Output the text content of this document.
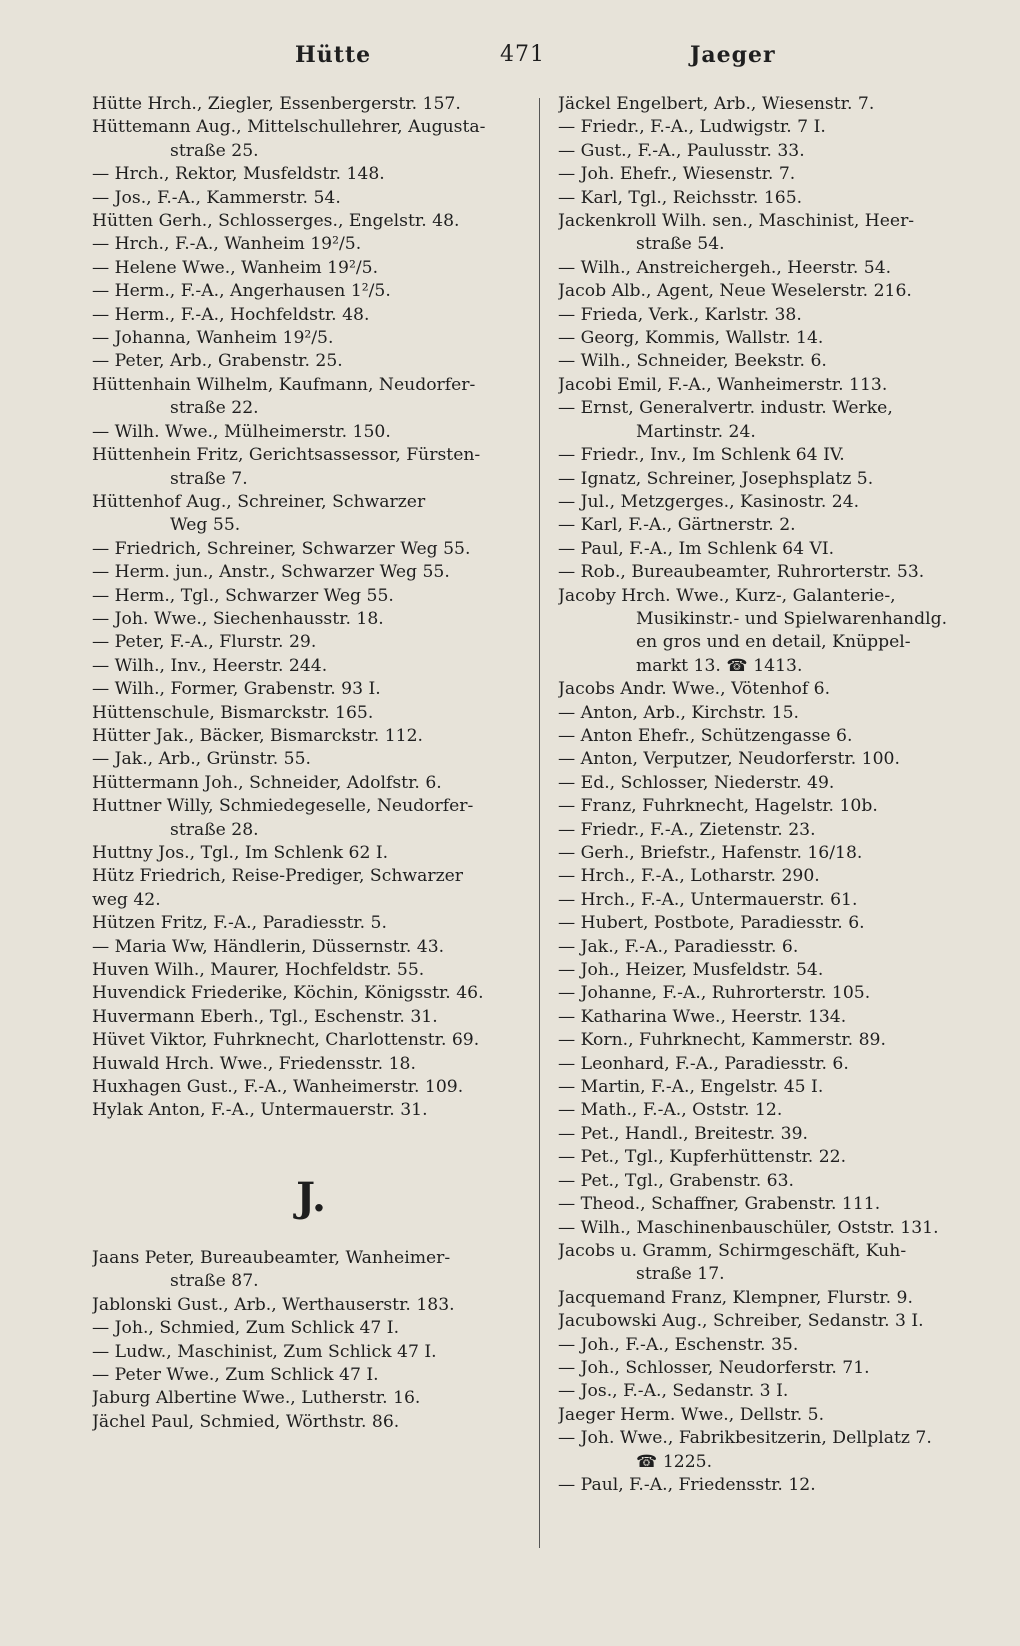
Hütte	471	Jaeger
Hütte Hrch., Ziegler, Essenbergerstr. 157.
Hüttemann Aug., Mittelschullehrer, Augusta-
straße 25.
— Hrch., Rektor, Musfeldstr. 148.
— Jos., F.-A., Kammerstr. 54.
Hütten Gerh., Schlosserges., Engelstr. 48.
— Hrch., F.-A., Wanheim 19²/5.
— Helene Wwe., Wanheim 19²/5.
— Herm., F.-A., Angerhausen 1²/5.
— Herm., F.-A., Hochfeldstr. 48.
— Johanna, Wanheim 19²/5.
— Peter, Arb., Grabenstr. 25.
Hüttenhain Wilhelm, Kaufmann, Neudorfer-
straße 22.
— Wilh. Wwe., Mülheimerstr. 150.
Hüttenhein Fritz, Gerichtsassessor, Fürsten-
straße 7.
Hüttenhof Aug., Schreiner, Schwarzer
Weg 55.
— Friedrich, Schreiner, Schwarzer Weg 55.
— Herm. jun., Anstr., Schwarzer Weg 55.
— Herm., Tgl., Schwarzer Weg 55.
— Joh. Wwe., Siechenhausstr. 18.
— Peter, F.-A., Flurstr. 29.
— Wilh., Inv., Heerstr. 244.
— Wilh., Former, Grabenstr. 93 I.
Hüttenschule, Bismarckstr. 165.
Hütter Jak., Bäcker, Bismarckstr. 112.
— Jak., Arb., Grünstr. 55.
Hüttermann Joh., Schneider, Adolfstr. 6.
Huttner Willy, Schmiedegeselle, Neudorfer-
straße 28.
Huttny Jos., Tgl., Im Schlenk 62 I.
Hütz Friedrich, Reise-Prediger, Schwarzer
weg 42.
Hützen Fritz, F.-A., Paradiesstr. 5.
— Maria Ww, Händlerin, Düssernstr. 43.
Huven Wilh., Maurer, Hochfeldstr. 55.
Huvendick Friederike, Köchin, Königsstr. 46.
Huvermann Eberh., Tgl., Eschenstr. 31.
Hüvet Viktor, Fuhrknecht, Charlottenstr. 69.
Huwald Hrch. Wwe., Friedensstr. 18.
Huxhagen Gust., F.-A., Wanheimerstr. 109.
Hylak Anton, F.-A., Untermauerstr. 31.
J.
Jaans Peter, Bureaubeamter, Wanheimer-
straße 87.
Jablonski Gust., Arb., Werthauserstr. 183.
— Joh., Schmied, Zum Schlick 47 I.
— Ludw., Maschinist, Zum Schlick 47 I.
— Peter Wwe., Zum Schlick 47 I.
Jaburg Albertine Wwe., Lutherstr. 16.
Jächel Paul, Schmied, Wörthstr. 86.
Jäckel Engelbert, Arb., Wiesenstr. 7.
— Friedr., F.-A., Ludwigstr. 7 I.
— Gust., F.-A., Paulusstr. 33.
— Joh. Ehefr., Wiesenstr. 7.
— Karl, Tgl., Reichsstr. 165.
Jackenkroll Wilh. sen., Maschinist, Heer-
straße 54.
— Wilh., Anstreichergeh., Heerstr. 54.
Jacob Alb., Agent, Neue Weselerstr. 216.
— Frieda, Verk., Karlstr. 38.
— Georg, Kommis, Wallstr. 14.
— Wilh., Schneider, Beekstr. 6.
Jacobi Emil, F.-A., Wanheimerstr. 113.
— Ernst, Generalvertr. industr. Werke,
Martinstr. 24.
— Friedr., Inv., Im Schlenk 64 IV.
— Ignatz, Schreiner, Josephsplatz 5.
— Jul., Metzgerges., Kasinostr. 24.
— Karl, F.-A., Gärtnerstr. 2.
— Paul, F.-A., Im Schlenk 64 VI.
— Rob., Bureaubeamter, Ruhrorterstr. 53.
Jacoby Hrch. Wwe., Kurz-, Galanterie-,
Musikinstr.- und Spielwarenhandlg.
en gros und en detail, Knüppel-
markt 13. ☎ 1413.
Jacobs Andr. Wwe., Vötenhof 6.
— Anton, Arb., Kirchstr. 15.
— Anton Ehefr., Schützengasse 6.
— Anton, Verputzer, Neudorferstr. 100.
— Ed., Schlosser, Niederstr. 49.
— Franz, Fuhrknecht, Hagelstr. 10b.
— Friedr., F.-A., Zietenstr. 23.
— Gerh., Briefstr., Hafenstr. 16/18.
— Hrch., F.-A., Lotharstr. 290.
— Hrch., F.-A., Untermauerstr. 61.
— Hubert, Postbote, Paradiesstr. 6.
— Jak., F.-A., Paradiesstr. 6.
— Joh., Heizer, Musfeldstr. 54.
— Johanne, F.-A., Ruhrorterstr. 105.
— Katharina Wwe., Heerstr. 134.
— Korn., Fuhrknecht, Kammerstr. 89.
— Leonhard, F.-A., Paradiesstr. 6.
— Martin, F.-A., Engelstr. 45 I.
— Math., F.-A., Oststr. 12.
— Pet., Handl., Breitestr. 39.
— Pet., Tgl., Kupferhüttenstr. 22.
— Pet., Tgl., Grabenstr. 63.
— Theod., Schaffner, Grabenstr. 111.
— Wilh., Maschinenbauschüler, Oststr. 131.
Jacobs u. Gramm, Schirmgeschäft, Kuh-
straße 17.
Jacquemand Franz, Klempner, Flurstr. 9.
Jacubowski Aug., Schreiber, Sedanstr. 3 I.
— Joh., F.-A., Eschenstr. 35.
— Joh., Schlosser, Neudorferstr. 71.
— Jos., F.-A., Sedanstr. 3 I.
Jaeger Herm. Wwe., Dellstr. 5.
— Joh. Wwe., Fabrikbesitzerin, Dellplatz 7.
☎ 1225.
— Paul, F.-A., Friedensstr. 12.
